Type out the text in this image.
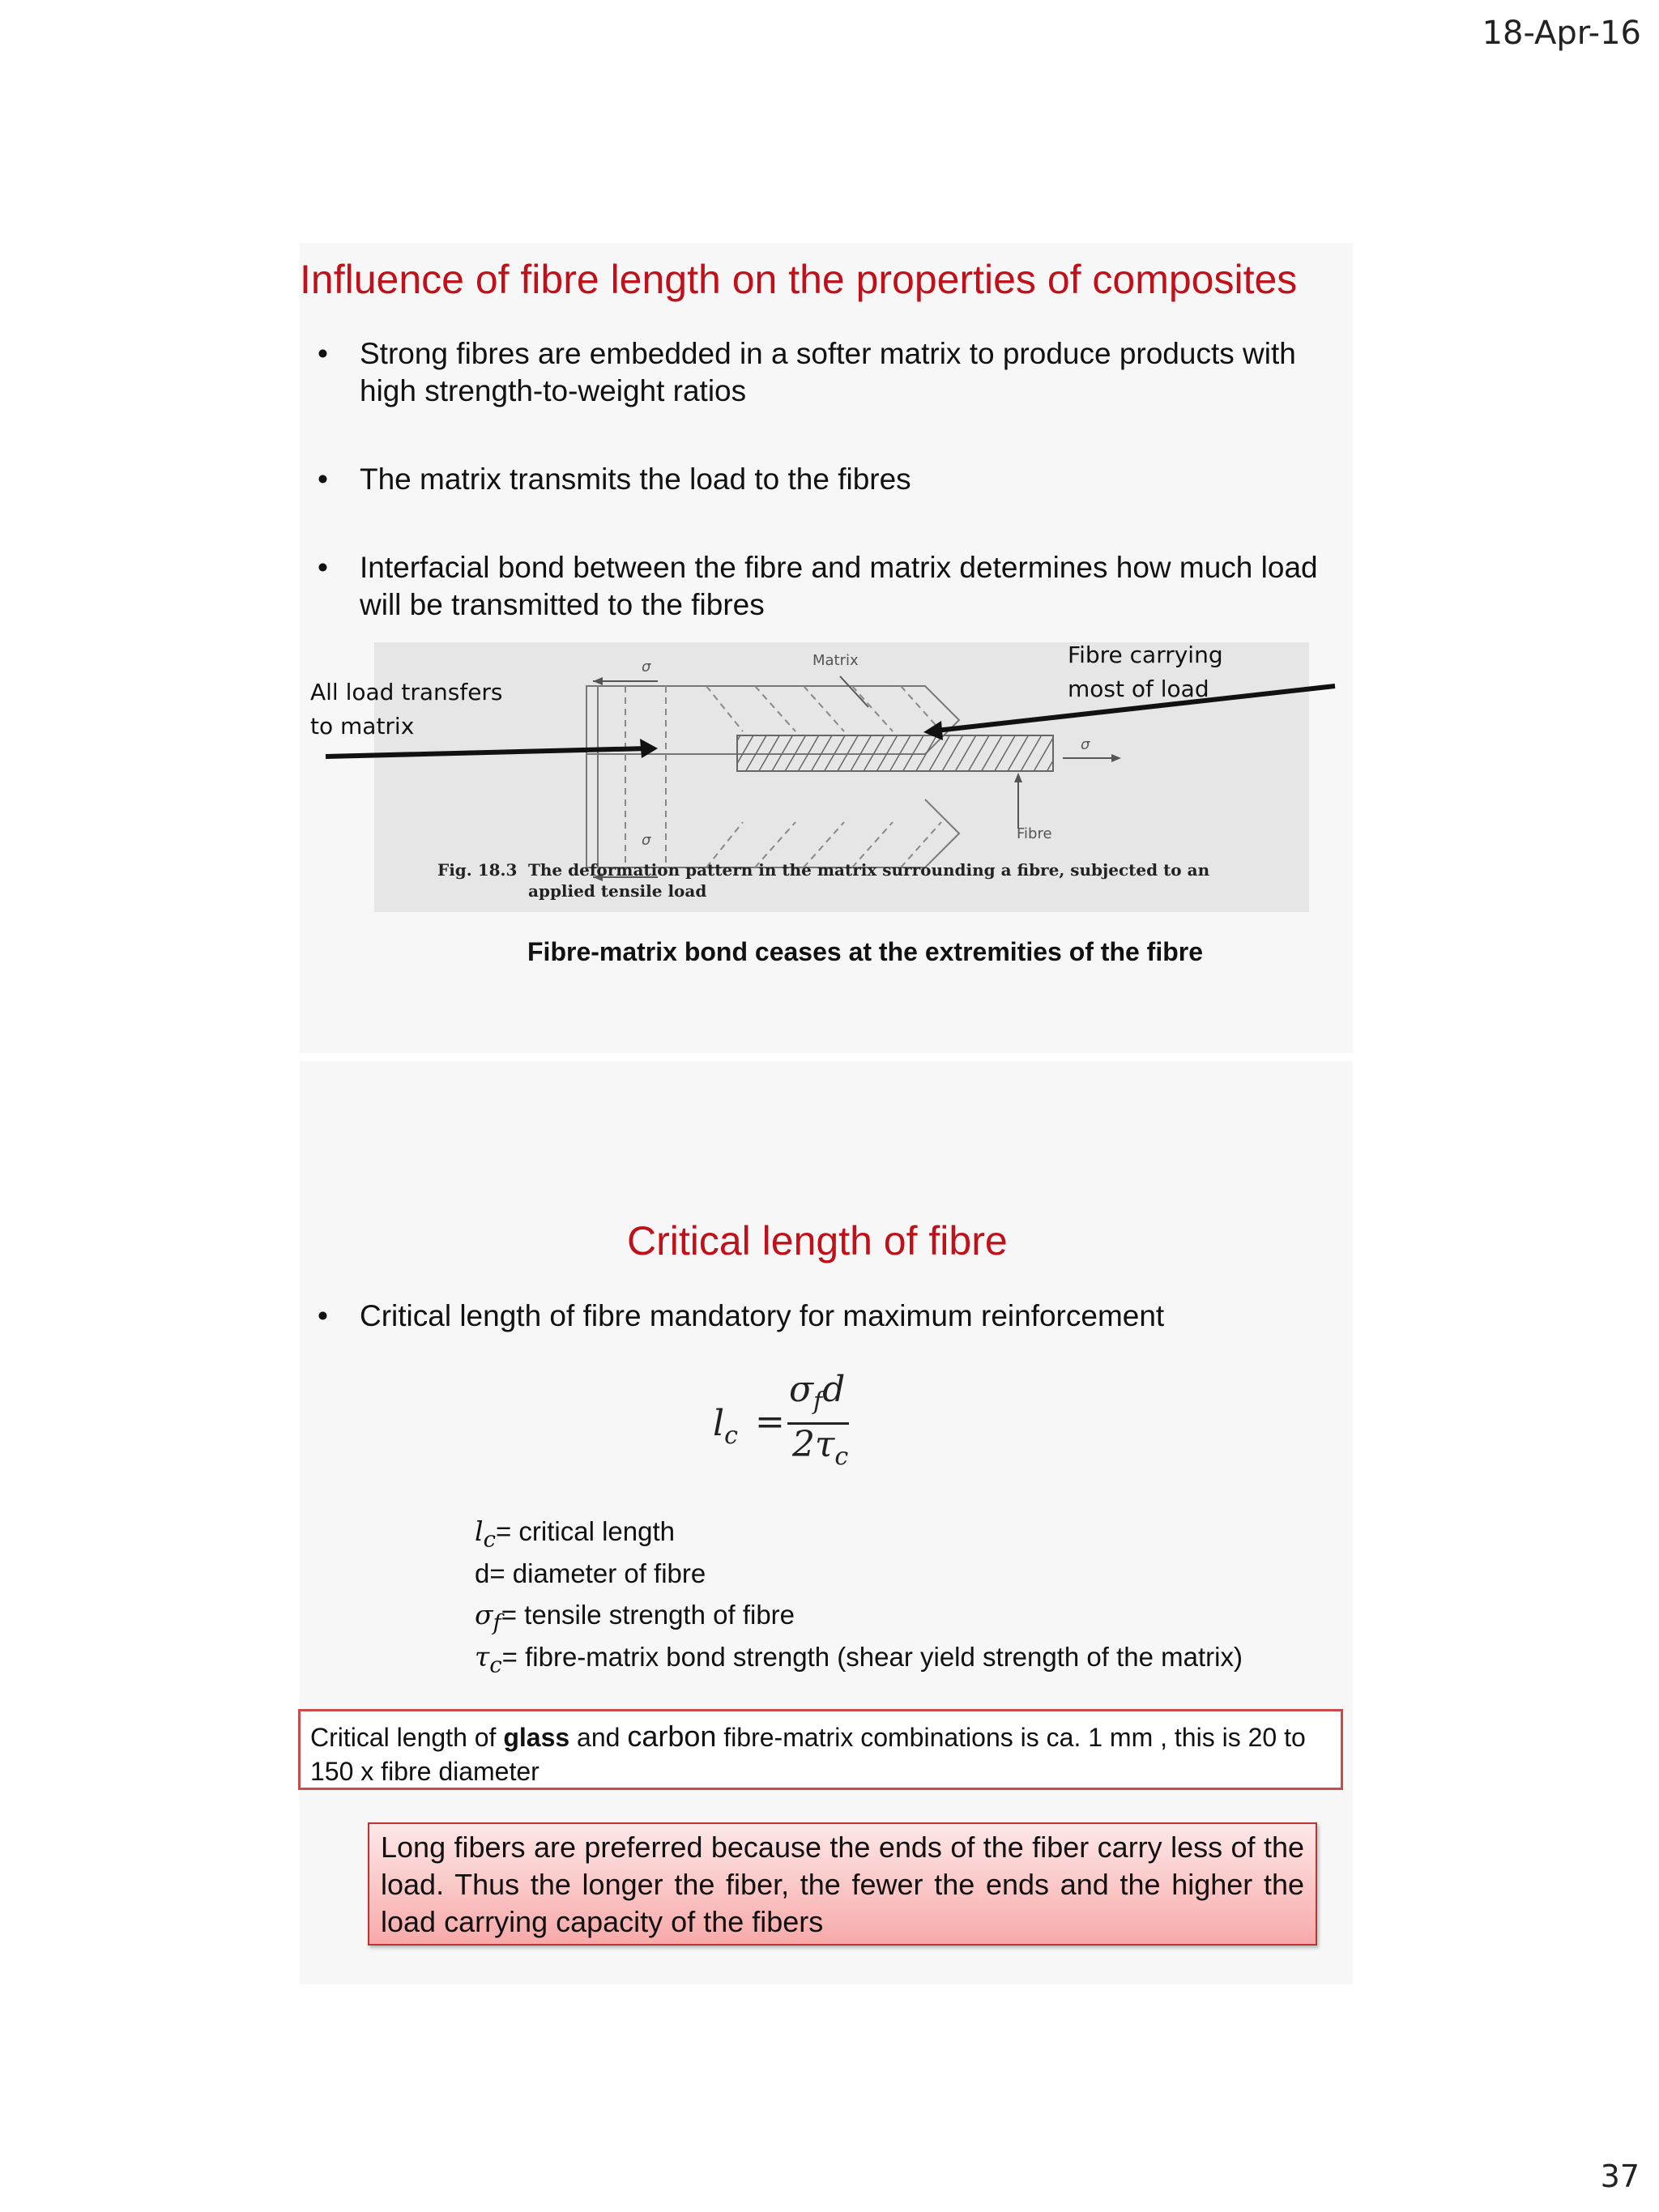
18-Apr-16
37
Influence of fibre length on the properties of composites
• Strong fibres are embedded in a softer matrix to produce products with high strength-to-weight ratios
• The matrix transmits the load to the fibres
• Interfacial bond between the fibre and matrix determines how much load will be transmitted to the fibres
σ
σ
σ
Matrix
Fibre
Fig. 18.3 The deformation pattern in the matrix surrounding a fibre, subjected to an applied tensile load
All load transfers
to matrix
Fibre carrying
most of load
Fibre-matrix bond ceases at the extremities of the fibre
Critical length of fibre
• Critical length of fibre mandatory for maximum reinforcement
$l_c$ =
$\sigma_fd$
$2\tau_c$
$l_c=$ critical length
d= diameter of fibre
$\sigma_f=$ tensile strength of fibre
$\tau_c=$ fibre-matrix bond strength (shear yield strength of the matrix)
Critical length of glass and carbon fibre-matrix combinations is ca. 1 mm , this is 20 to 150 x fibre diameter
Long fibers are preferred because the ends of the fiber carry less of the load. Thus the longer the fiber, the fewer the ends and the higher the load carrying capacity of the fibers
